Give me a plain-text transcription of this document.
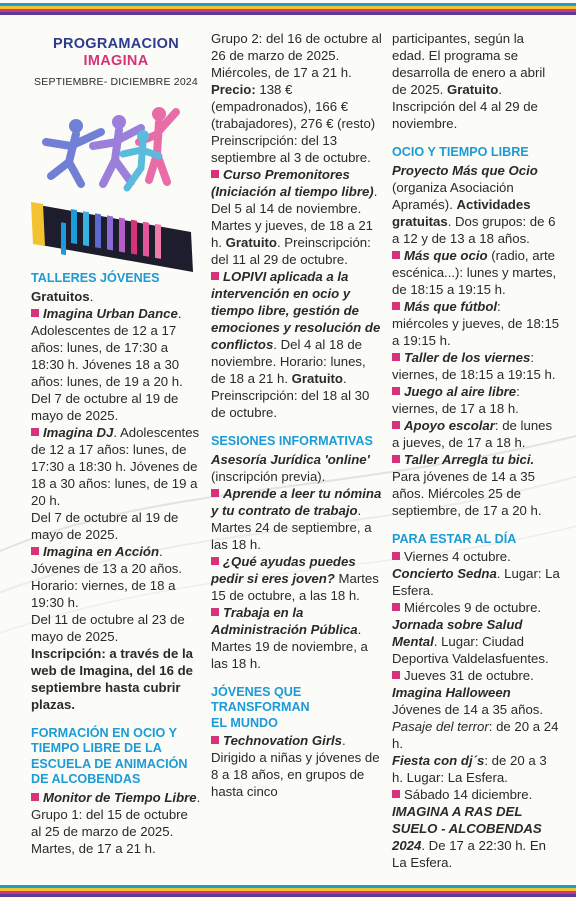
PROGRAMACION IMAGINA
SEPTIEMBRE- DICIEMBRE 2024

TALLERES JÓVENES

Gratuitos.

Imagina Urban Dance. Adolescentes de 12 a 17 años: lunes, de 17:30 a 18:30 h. Jóvenes 18 a 30 años: lunes, de 19 a 20 h.

Del 7 de octubre al 19 de mayo de 2025.

Imagina DJ. Adolescentes de 12 a 17 años: lunes, de 17:30 a 18:30 h. Jóvenes de 18 a 30 años: lunes, de 19 a 20 h.

Del 7 de octubre al 19 de mayo de 2025.

Imagina en Acción. Jóvenes de 13 a 20 años. Horario: viernes, de 18 a 19:30 h.

Del 11 de octubre al 23 de mayo de 2025.

Inscripción: a través de la web de Imagina, del 16 de septiembre hasta cubrir plazas.

FORMACIÓN EN OCIO Y TIEMPO LIBRE DE LA ESCUELA DE ANIMACIÓN DE ALCOBENDAS

Monitor de Tiempo Libre. Grupo 1: del 15 de octubre al 25 de marzo de 2025. Martes, de 17 a 21 h.

Grupo 2: del 16 de octubre al 26 de marzo de 2025. Miércoles, de 17 a 21 h.

Precio: 138 € (empadronados), 166 € (trabajadores), 276 € (resto) Preinscripción: del 13 septiembre al 3 de octubre.

Curso Premonitores (Iniciación al tiempo libre). Del 5 al 14 de noviembre. Martes y jueves, de 18 a 21 h. Gratuito. Preinscripción: del 11 al 29 de octubre.

LOPIVI aplicada a la intervención en ocio y tiempo libre, gestión de emociones y resolución de conflictos. Del 4 al 18 de noviembre. Horario: lunes, de 18 a 21 h. Gratuito. Preinscripción: del 18 al 30 de octubre.

SESIONES INFORMATIVAS

Asesoría Jurídica 'online' (inscripción previa).

Aprende a leer tu nómina y tu contrato de trabajo. Martes 24 de septiembre, a las 18 h.

¿Qué ayudas puedes pedir si eres joven? Martes 15 de octubre, a las 18 h.

Trabaja en la Administración Pública. Martes 19 de noviembre, a las 18 h.

JÓVENES QUE TRANSFORMAN EL MUNDO

Technovation Girls. Dirigido a niñas y jóvenes de 8 a 18 años, en grupos de hasta cinco

participantes, según la edad. El programa se desarrolla de enero a abril de 2025. Gratuito. Inscripción del 4 al 29 de noviembre.

OCIO Y TIEMPO LIBRE

Proyecto Más que Ocio (organiza Asociación Apramés). Actividades gratuitas. Dos grupos: de 6 a 12 y de 13 a 18 años.

Más que ocio (radio, arte escénica...): lunes y martes, de 18:15 a 19:15 h.

Más que fútbol: miércoles y jueves, de 18:15 a 19:15 h.

Taller de los viernes: viernes, de 18:15 a 19:15 h.

Juego al aire libre: viernes, de 17 a 18 h.

Apoyo escolar: de lunes a jueves, de 17 a 18 h.

Taller Arregla tu bici. Para jóvenes de 14 a 35 años. Miércoles 25 de septiembre, de 17 a 20 h.

PARA ESTAR AL DÍA

Viernes 4 octubre.
Concierto Sedna. Lugar: La Esfera.

Miércoles 9 de octubre.
Jornada sobre Salud Mental. Lugar: Ciudad Deportiva Valdelasfuentes.

Jueves 31 de octubre.
Imagina Halloween
Jóvenes de 14 a 35 años.
Pasaje del terror: de 20 a 24 h.
Fiesta con dj´s: de 20 a 3 h. Lugar: La Esfera.

Sábado 14 diciembre.
IMAGINA A RAS DEL SUELO - ALCOBENDAS 2024. De 17 a 22:30 h. En La Esfera.
